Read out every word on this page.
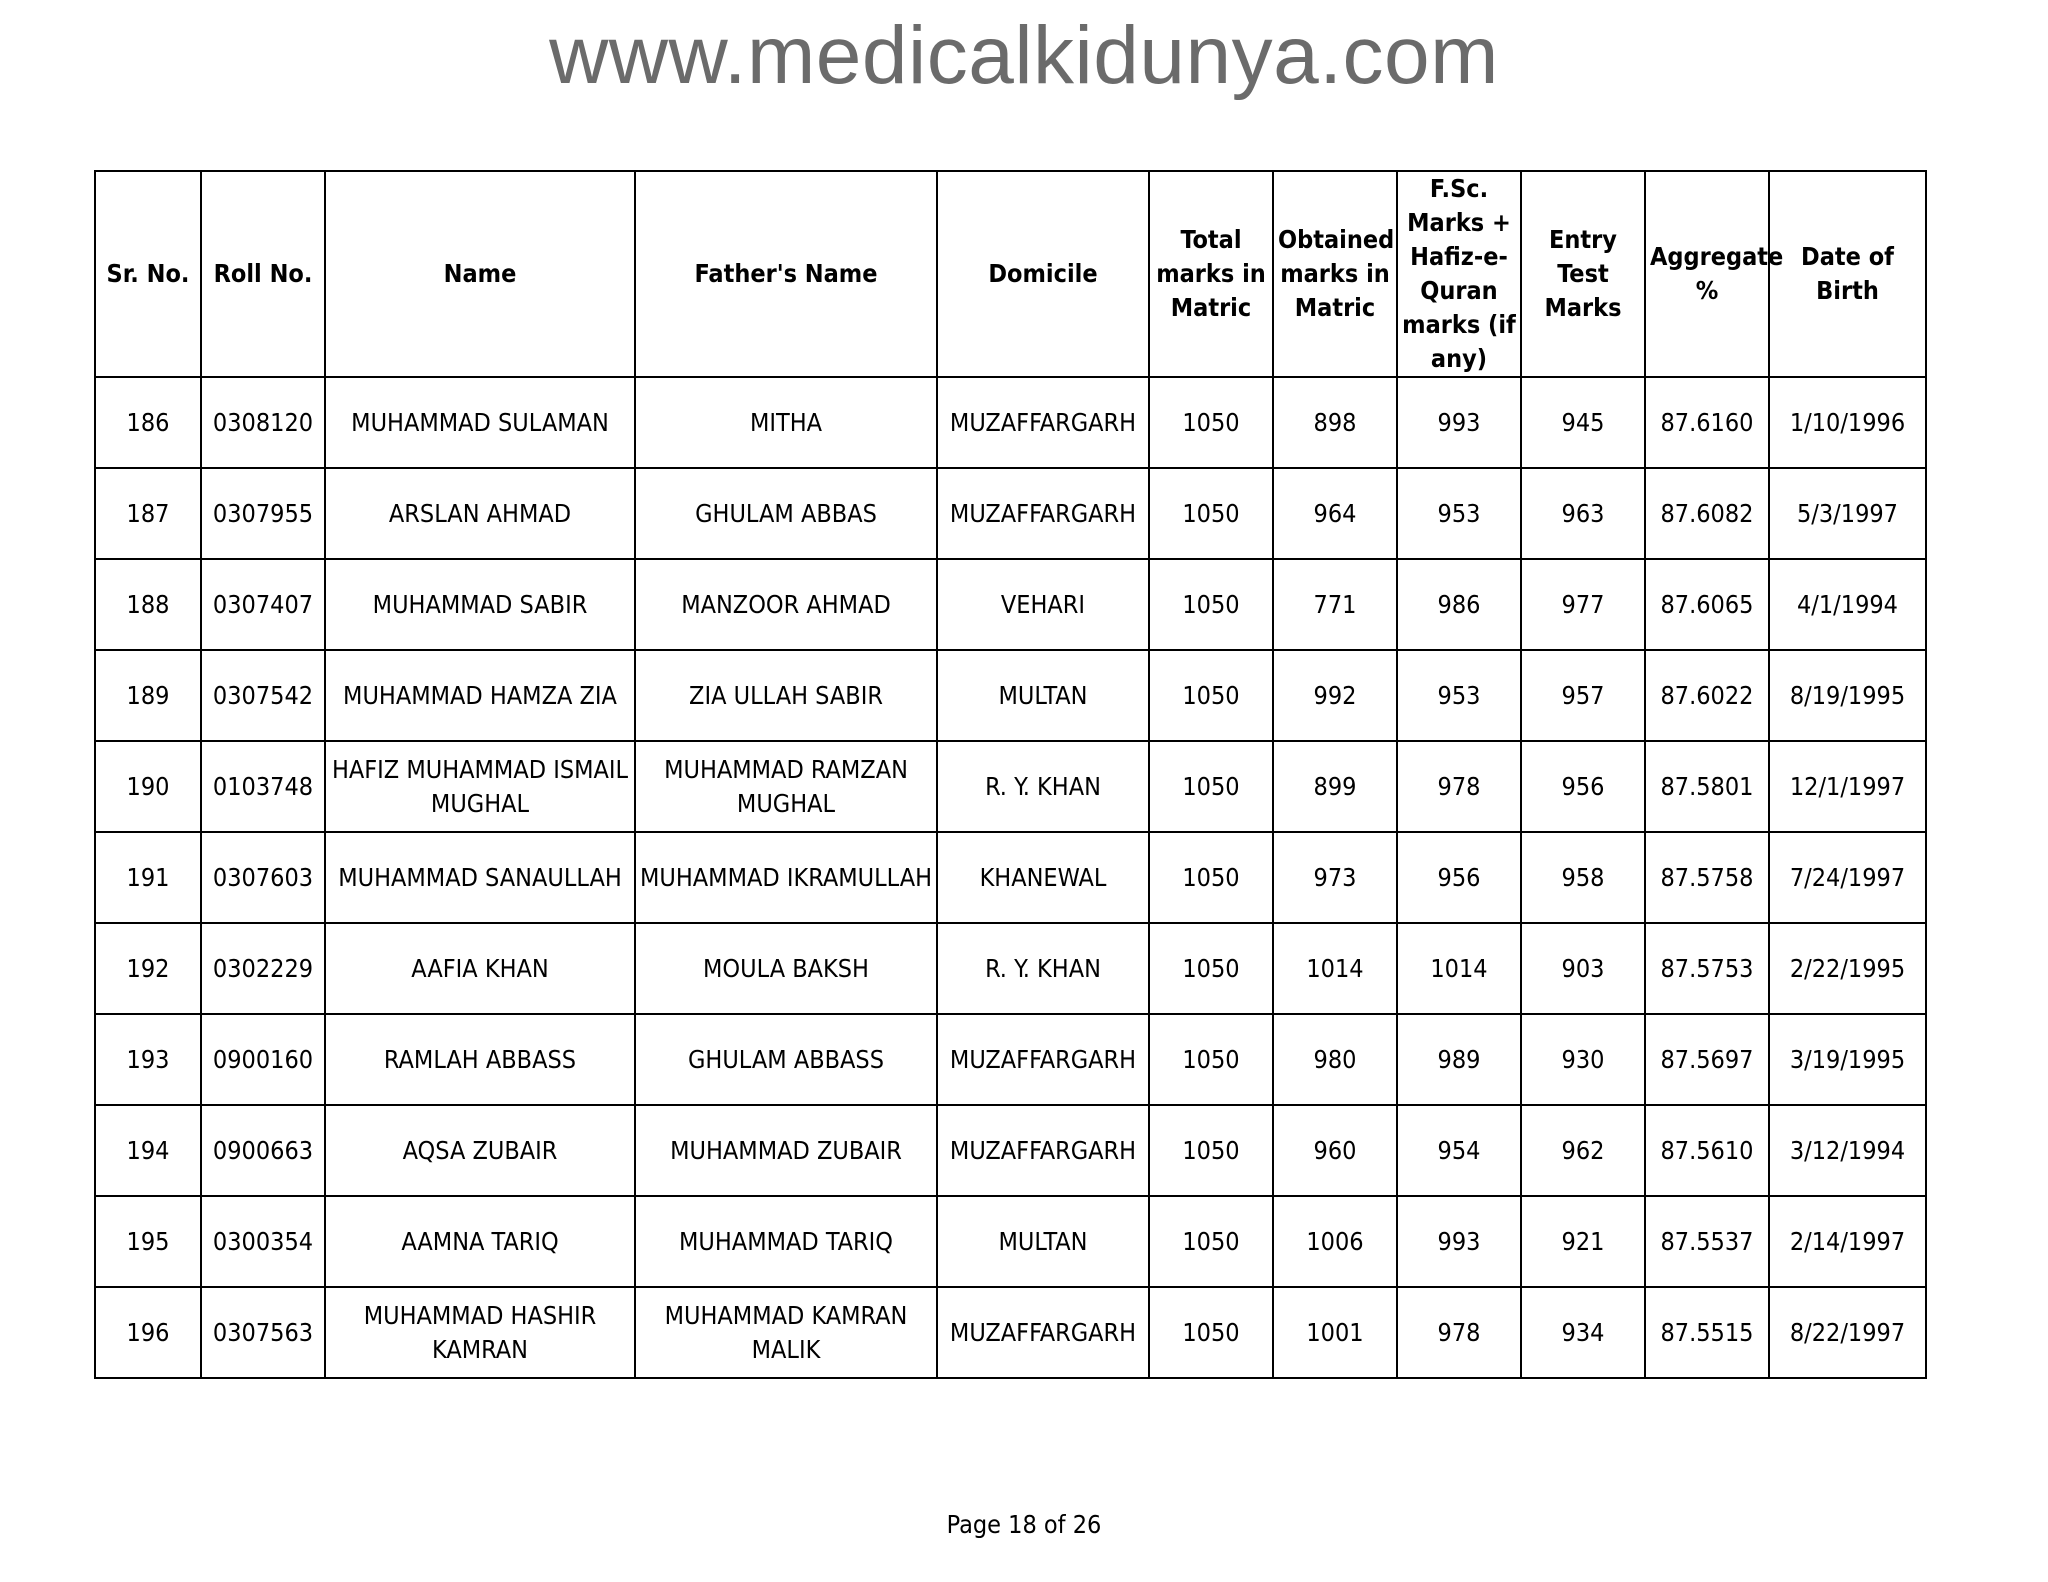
www.medicalkidunya.com
Sr. No.	Roll No.	Name	Father's Name	Domicile	Total marks in Matric	Obtained marks in Matric	F.Sc. Marks + Hafiz-e-Quran marks (if any)	Entry Test Marks	Aggregate %	Date of Birth
186	0308120	MUHAMMAD SULAMAN	MITHA	MUZAFFARGARH	1050	898	993	945	87.6160	1/10/1996
187	0307955	ARSLAN AHMAD	GHULAM ABBAS	MUZAFFARGARH	1050	964	953	963	87.6082	5/3/1997
188	0307407	MUHAMMAD SABIR	MANZOOR AHMAD	VEHARI	1050	771	986	977	87.6065	4/1/1994
189	0307542	MUHAMMAD HAMZA ZIA	ZIA ULLAH SABIR	MULTAN	1050	992	953	957	87.6022	8/19/1995
190	0103748	HAFIZ MUHAMMAD ISMAIL MUGHAL	MUHAMMAD RAMZAN MUGHAL	R. Y. KHAN	1050	899	978	956	87.5801	12/1/1997
191	0307603	MUHAMMAD SANAULLAH	MUHAMMAD IKRAMULLAH	KHANEWAL	1050	973	956	958	87.5758	7/24/1997
192	0302229	AAFIA KHAN	MOULA BAKSH	R. Y. KHAN	1050	1014	1014	903	87.5753	2/22/1995
193	0900160	RAMLAH ABBASS	GHULAM ABBASS	MUZAFFARGARH	1050	980	989	930	87.5697	3/19/1995
194	0900663	AQSA ZUBAIR	MUHAMMAD ZUBAIR	MUZAFFARGARH	1050	960	954	962	87.5610	3/12/1994
195	0300354	AAMNA TARIQ	MUHAMMAD TARIQ	MULTAN	1050	1006	993	921	87.5537	2/14/1997
196	0307563	MUHAMMAD HASHIR KAMRAN	MUHAMMAD KAMRAN MALIK	MUZAFFARGARH	1050	1001	978	934	87.5515	8/22/1997
Page 18 of 26
